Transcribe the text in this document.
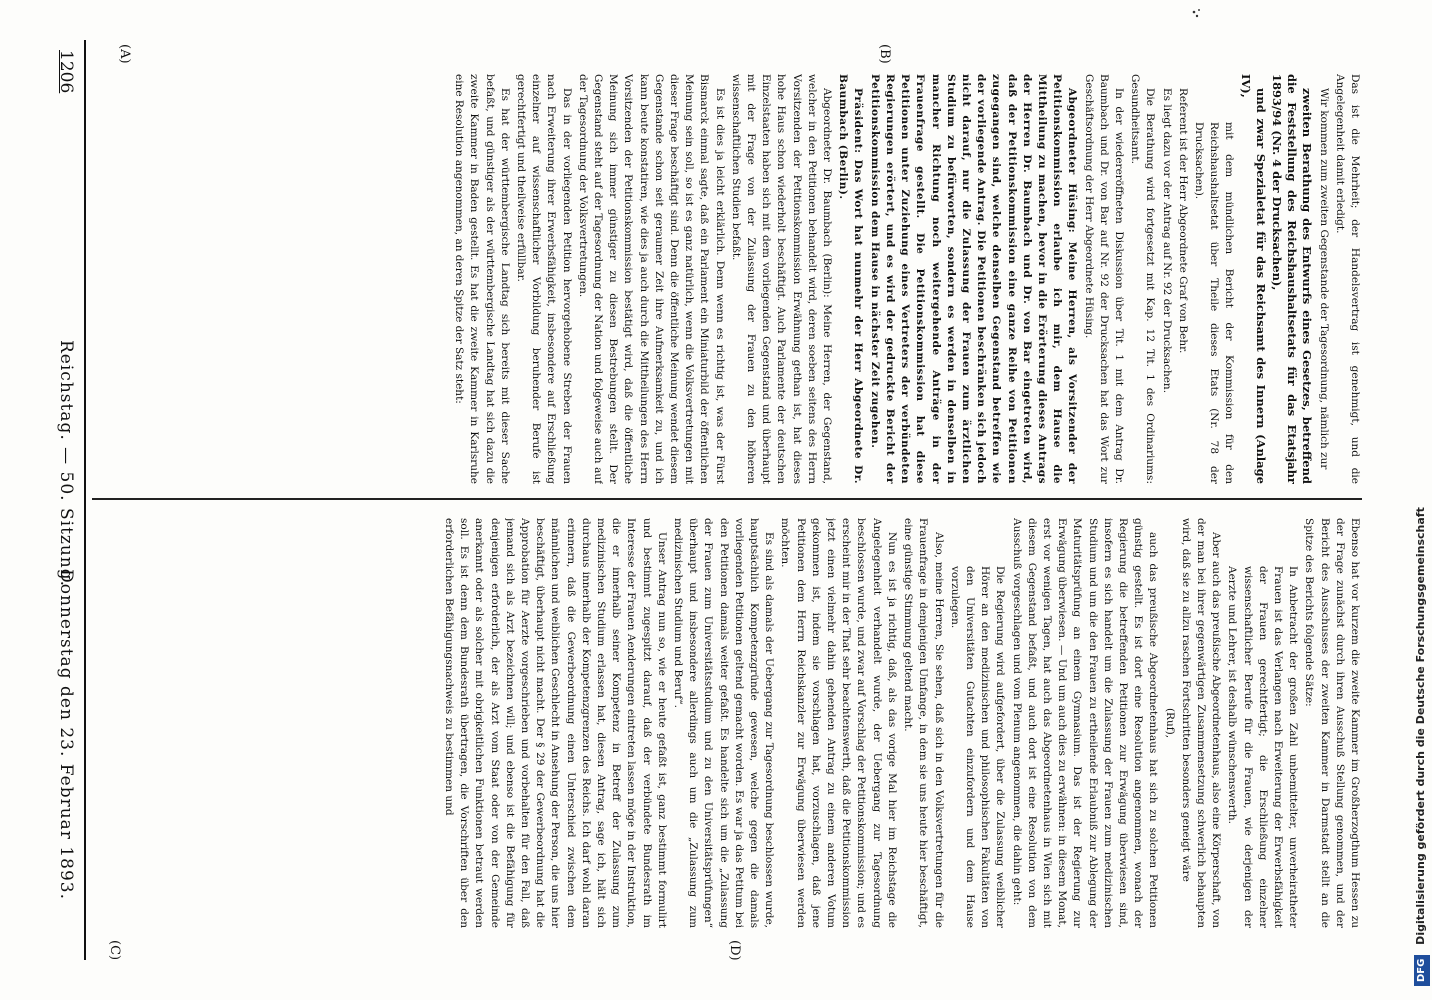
1206
Reichstag. — 50. Sitzung.
Donnerstag den 23. Februar 1893.
(A)	(B)
(C)	(D)

Das ist die Mehrheit; der Handelsvertrag ist genehmigt, und die Angelegenheit damit erledigt.

Wir kommen zum zweiten Gegenstande der Tagesordnung, nämlich zur

zweiten Berathung des Entwurfs eines Gesetzes, betreffend die Feststellung des Reichshaushaltsetats für das Etatsjahr 1893/94 (Nr. 4 der Drucksachen),

und zwar Spezialetat für das Reichsamt des Innern (Anlage IV),

mit dem mündlichen Bericht der Kommission für den Reichshaushaltsetat über Theile dieses Etats (Nr. 78 der Drucksachen).

Referent ist der Herr Abgeordnete Graf von Behr.

Es liegt dazu vor der Antrag auf Nr. 92 der Drucksachen.

Die Berathung wird fortgesetzt mit Kap. 12 Tit. 1 des Ordinariums: Gesundheitsamt.

In der wiedereröffneten Diskussion über Tit. 1 mit dem Antrag Dr. Baumbach und Dr. von Bar auf Nr. 92 der Drucksachen hat das Wort zur Geschäftsordnung der Herr Abgeordnete Hüsing.

Abgeordneter Hüsing: Meine Herren, als Vorsitzender der Petitionskommission erlaube ich mir, dem Hause die Mittheilung zu machen, bevor in die Erörterung dieses Antrags der Herren Dr. Baumbach und Dr. von Bar eingetreten wird, daß der Petitionskommission eine ganze Reihe von Petitionen zugegangen sind, welche denselben Gegenstand betreffen wie der vorliegende Antrag. Die Petitionen beschränken sich jedoch nicht darauf, nur die Zulassung der Frauen zum ärztlichen Studium zu befürworten, sondern es werden in denselben in mancher Richtung noch weitergehende Anträge in der Frauenfrage gestellt. Die Petitionskommission hat diese Petitionen unter Zuziehung eines Vertreters der verbündeten Regierungen erörtert, und es wird der gedruckte Bericht der Petitionskommission dem Hause in nächster Zeit zugehen.

Präsident: Das Wort hat nunmehr der Herr Abgeordnete Dr. Baumbach (Berlin).

Abgeordneter Dr. Baumbach (Berlin): Meine Herren, der Gegenstand, welcher in den Petitionen behandelt wird, deren soeben seitens des Herrn Vorsitzenden der Petitionskommission Erwähnung gethan ist, hat dieses hohe Haus schon wiederholt beschäftigt. Auch Parlamente der deutschen Einzelstaaten haben sich mit dem vorliegenden Gegenstand und überhaupt mit der Frage von der Zulassung der Frauen zu den höheren wissenschaftlichen Studien befaßt.

Es ist dies ja leicht erklärlich. Denn wenn es richtig ist, was der Fürst Bismarck einmal sagte, daß ein Parlament ein Miniaturbild der öffentlichen Meinung sein soll, so ist es ganz natürlich, wenn die Volksvertretungen mit dieser Frage beschäftigt sind. Denn die öffentliche Meinung wendet diesem Gegenstande schon seit geraumer Zeit ihre Aufmerksamkeit zu, und ich kann beute konstatiren, wie dies ja auch durch die Mittheilungen des Herrn Vorsitzenden der Petitionskommission bestätigt wird, daß die öffentliche Meinung sich immer günstiger zu diesen Bestrebungen stellt. Der Gegenstand steht auf der Tagesordnung der Nation und folgeweise auch auf der Tagesordnung der Volksvertretungen.

Das in der vorliegenden Petition hervorgehobene Streben der Frauen nach Erweiterung ihrer Erwerbsfähigkeit, insbesondere auf Erschließung einzelner auf wissenschaftlicher Vorbildung beruhender Berufe ist gerechtfertigt und theilweise erfüllbar.

Es hat der württembergische Landtag sich bereits mit dieser Sache befaßt, und günstiger als der württembergische Landtag hat sich dazu die zweite Kammer in Baden gestellt. Es hat die zweite Kammer in Karlsruhe eine Resolution angenommen, an deren Spitze der Satz steht:

Ebenso hat vor kurzem die zweite Kammer im Großherzogthum Hessen zu der Frage zunächst durch ihren Ausschuß Stellung genommen, und der Bericht des Ausschusses der zweiten Kammer in Darmstadt stellt an die Spitze des Berichts folgende Sätze:

In Anbetracht der großen Zahl unbemittelter, unverheiratheter Frauen ist das Verlangen nach Erweiterung der Erwerbsfähigkeit der Frauen gerechtfertigt; die Erschließung einzelner wissenschaftlicher Berufe für die Frauen, wie derjenigen der Aerzte und Lehrer, ist deshalb wünschenswerth.

Aber auch das preußische Abgeordnetenhaus, also eine Körperschaft, von der man bei ihrer gegenwärtigen Zusammensetzung schwerlich behaupten wird, daß sie zu allzu raschen Fortschritten besonders geneigt wäre

(Ruf),

auch das preußische Abgeordnetenhaus hat sich zu solchen Petitionen günstig gestellt. Es ist dort eine Resolution angenommen, wonach der Regierung die betreffenden Petitionen zur Erwägung überwiesen sind, insofern es sich handelt um die Zulassung der Frauen zum medizinischen Studium und um die den Frauen zu ertheilende Erlaubniß zur Ablegung der Maturitätsprüfung an einem Gymnasium. Das ist der Regierung zur Erwägung überwiesen. — Und um auch dies zu erwähnen: in diesem Monat, erst vor wenigen Tagen, hat auch das Abgeordnetenhaus in Wien sich mit diesem Gegenstand befaßt, und auch dort ist eine Resolution von dem Ausschuß vorgeschlagen und vom Plenum angenommen, die dahin geht:

Die Regierung wird aufgefordert, über die Zulassung weiblicher Hörer an den medizinischen und philosophischen Fakultäten von den Universitäten Gutachten einzufordern und dem Hause vorzulegen.

Also, meine Herren, Sie sehen, daß sich in den Volksvertretungen für die Frauenfrage in demjenigen Umfange, in dem sie uns heute hier beschäftigt, eine günstige Stimmung geltend macht.

Nun es ist ja richtig, daß, als das vorige Mal hier im Reichstage die Angelegenheit verhandelt wurde, der Uebergang zur Tagesordnung beschlossen wurde, und zwar auf Vorschlag der Petitionskommission; und es erscheint mir in der That sehr beachtenswerth, daß die Petitionskommission jetzt einen vielmehr dahin gehenden Antrag zu einem anderen Votum gekommen ist, indem sie vorschlagen hat, vorzuschlagen, daß jene Petitionen dem Herrn Reichskanzler zur Erwägung überwiesen werden möchten.

Es sind als damals der Uebergang zur Tagesordnung beschlossen wurde, hauptsächlich Kompetenzgründe gewesen, welche gegen die damals vorliegenden Petitionen geltend gemacht worden. Es war ja das Petitum bei den Petitionen damals weiter gefaßt. Es handelte sich um die „Zulassung der Frauen zum Universitätsstudium und zu den Universitätsprüfungen“ überhaupt und insbesondere allerdings auch um die „Zulassung zum medizinischen Studium und Beruf“.

Unser Antrag nun so, wie er heute gefaßt ist, ganz bestimmt formulirt und bestimmt zugespitzt darauf, daß der verbündete Bundesrath im Interesse der Frauen Aenderungen eintreten lassen möge in der Instruktion, die er innerhalb seiner Kompetenz in Betreff der Zulassung zum medizinischen Studium erlassen hat, diesen Antrag, sage ich, hält sich durchaus innerhalb der Kompetenzgrenzen des Reichs. Ich darf wohl daran erinnern, daß die Gewerbeordnung einen Unterschied zwischen dem männlichen und weiblichen Geschlecht in Ansehung der Person, die uns hier beschäftigt, überhaupt nicht macht. Der § 29 der Gewerbeordnung hat die Approbation für Aerzte vorgeschrieben und vorbehalten für den Fall, daß jemand sich als Arzt bezeichnen will; und ebenso ist die Befähigung für denjenigen erforderlich, der als Arzt vom Staat oder von der Gemeinde anerkannt oder als solcher mit obrigkeitlichen Funktionen betraut werden soll. Es ist denn dem Bundesrath übertragen, die Vorschriften über den erforderlichen Befähigungsnachweis zu bestimmen und

DFG Digitalisierung gefördert durch die Deutsche Forschungsgemeinschaft
